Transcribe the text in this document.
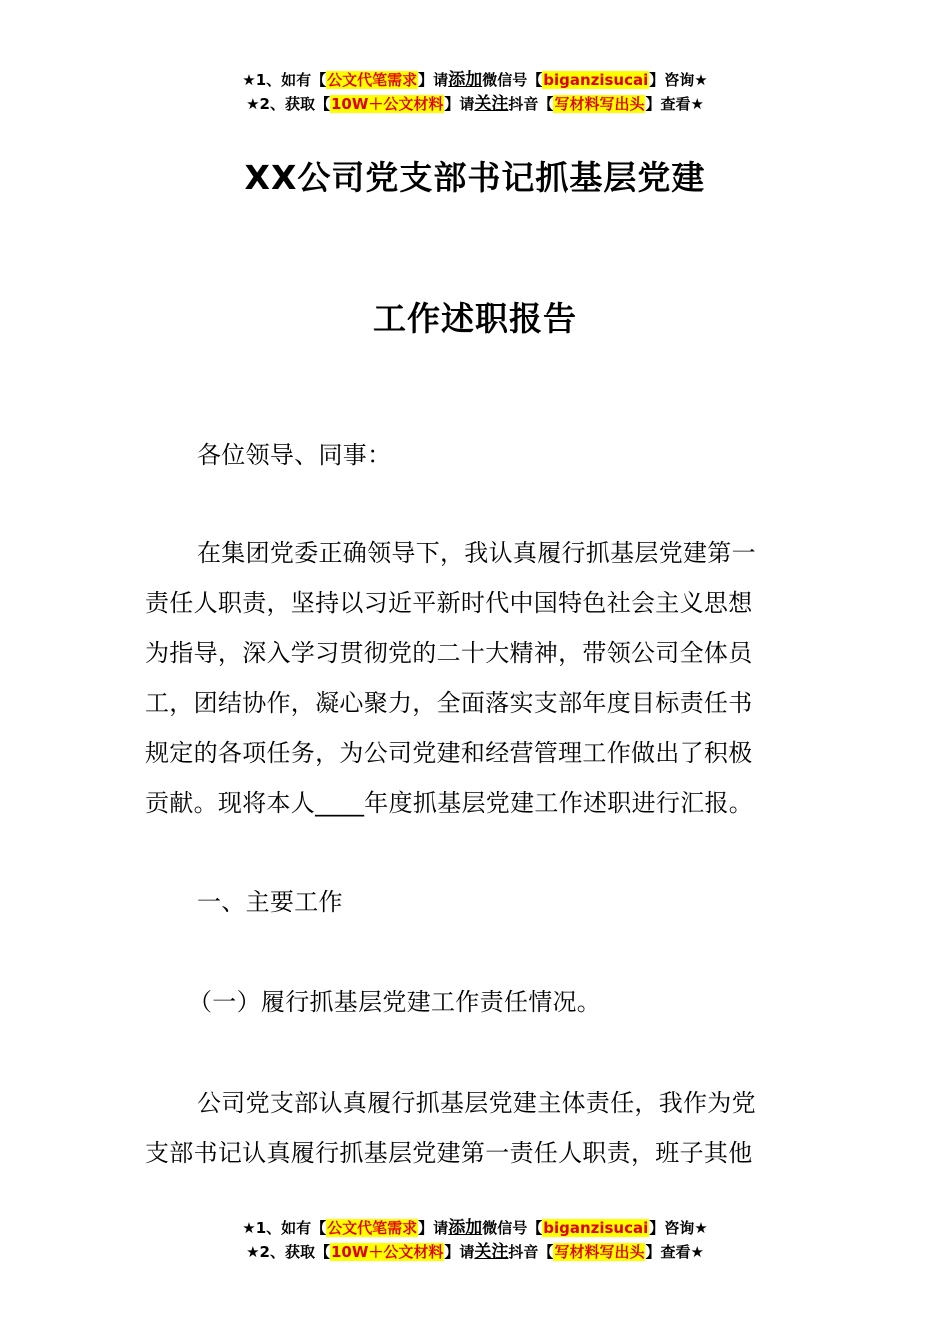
★1、如有【公文代笔需求】请添加微信号【biganzisucai】咨询★
★2、获取【10W＋公文材料】请关注抖音【写材料写出头】查看★
XX公司党支部书记抓基层党建
工作述职报告
各位领导、同事：
在集团党委正确领导下，我认真履行抓基层党建第一
责任人职责，坚持以习近平新时代中国特色社会主义思想
为指导，深入学习贯彻党的二十大精神，带领公司全体员
工，团结协作，凝心聚力，全面落实支部年度目标责任书
规定的各项任务，为公司党建和经营管理工作做出了积极
贡献。现将本人____年度抓基层党建工作述职进行汇报。
一、主要工作
（一）履行抓基层党建工作责任情况。
公司党支部认真履行抓基层党建主体责任，我作为党
支部书记认真履行抓基层党建第一责任人职责，班子其他
★1、如有【公文代笔需求】请添加微信号【biganzisucai】咨询★
★2、获取【10W＋公文材料】请关注抖音【写材料写出头】查看★
